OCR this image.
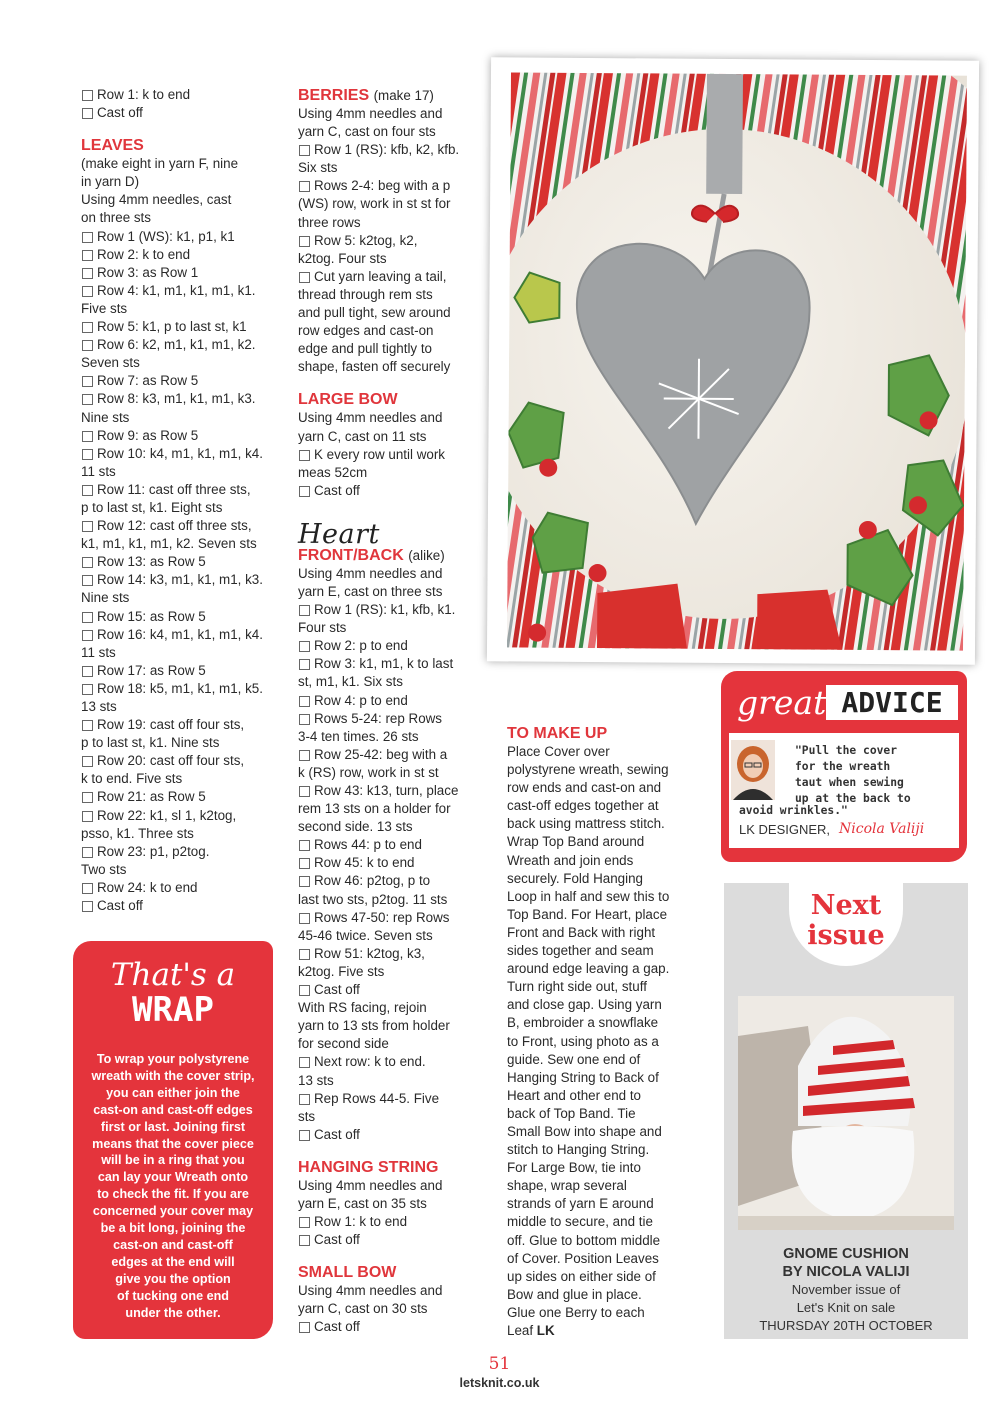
Row 1: k to end
Cast off
LEAVES
(make eight in yarn F, nine
in yarn D)
Using 4mm needles, cast
on three sts
Row 1 (WS): k1, p1, k1
Row 2: k to end
Row 3: as Row 1
Row 4: k1, m1, k1, m1, k1.
Five sts
Row 5: k1, p to last st, k1
Row 6: k2, m1, k1, m1, k2.
Seven sts
Row 7: as Row 5
Row 8: k3, m1, k1, m1, k3.
Nine sts
Row 9: as Row 5
Row 10: k4, m1, k1, m1, k4.
11 sts
Row 11: cast off three sts,
p to last st, k1. Eight sts
Row 12: cast off three sts,
k1, m1, k1, m1, k2. Seven sts
Row 13: as Row 5
Row 14: k3, m1, k1, m1, k3.
Nine sts
Row 15: as Row 5
Row 16: k4, m1, k1, m1, k4.
11 sts
Row 17: as Row 5
Row 18: k5, m1, k1, m1, k5.
13 sts
Row 19: cast off four sts,
p to last st, k1. Nine sts
Row 20: cast off four sts,
k to end. Five sts
Row 21: as Row 5
Row 22: k1, sl 1, k2tog,
psso, k1. Three sts
Row 23: p1, p2tog.
Two sts
Row 24: k to end
Cast off
BERRIES (make 17)
Using 4mm needles and
yarn C, cast on four sts
Row 1 (RS): kfb, k2, kfb.
Six sts
Rows 2-4: beg with a p
(WS) row, work in st st for
three rows
Row 5: k2tog, k2,
k2tog. Four sts
Cut yarn leaving a tail,
thread through rem sts
and pull tight, sew around
row edges and cast-on
edge and pull tightly to
shape, fasten off securely
LARGE BOW
Using 4mm needles and
yarn C, cast on 11 sts
K every row until work
meas 52cm
Cast off
Heart
FRONT/BACK (alike)
Using 4mm needles and
yarn E, cast on three sts
Row 1 (RS): k1, kfb, k1.
Four sts
Row 2: p to end
Row 3: k1, m1, k to last
st, m1, k1. Six sts
Row 4: p to end
Rows 5-24: rep Rows
3-4 ten times. 26 sts
Row 25-42: beg with a
k (RS) row, work in st st
Row 43: k13, turn, place
rem 13 sts on a holder for
second side. 13 sts
Rows 44: p to end
Row 45: k to end
Row 46: p2tog, p to
last two sts, p2tog. 11 sts
Rows 47-50: rep Rows
45-46 twice. Seven sts
Row 51: k2tog, k3,
k2tog. Five sts
Cast off
With RS facing, rejoin
yarn to 13 sts from holder
for second side
Next row: k to end.
13 sts
Rep Rows 44-5. Five
sts
Cast off
HANGING STRING
Using 4mm needles and
yarn E, cast on 35 sts
Row 1: k to end
Cast off
SMALL BOW
Using 4mm needles and
yarn C, cast on 30 sts
Cast off
TO MAKE UP
Place Cover over
polystyrene wreath, sewing
row ends and cast-on and
cast-off edges together at
back using mattress stitch.
Wrap Top Band around
Wreath and join ends
securely. Fold Hanging
Loop in half and sew this to
Top Band. For Heart, place
Front and Back with right
sides together and seam
around edge leaving a gap.
Turn right side out, stuff
and close gap. Using yarn
B, embroider a snowflake
to Front, using photo as a
guide. Sew one end of
Hanging String to Back of
Heart and other end to
back of Top Band. Tie
Small Bow into shape and
stitch to Hanging String.
For Large Bow, tie into
shape, wrap several
strands of yarn E around
middle to secure, and tie
off. Glue to bottom middle
of Cover. Position Leaves
up sides on either side of
Bow and glue in place.
Glue one Berry to each
Leaf LK
That's a
WRAP
To wrap your polystyrene
wreath with the cover strip,
you can either join the
cast-on and cast-off edges
first or last. Joining first
means that the cover piece
will be in a ring that you
can lay your Wreath onto
to check the fit. If you are
concerned your cover may
be a bit long, joining the
cast-on and cast-off
edges at the end will
give you the option
of tucking one end
under the other.
great ADVICE
"Pull the cover
for the wreath
taut when sewing
up at the back to
avoid wrinkles."
LK DESIGNER, Nicola Valiji
Next
issue
GNOME CUSHION
BY NICOLA VALIJI
November issue of
Let's Knit on sale
THURSDAY 20TH OCTOBER
51
letsknit.co.uk
